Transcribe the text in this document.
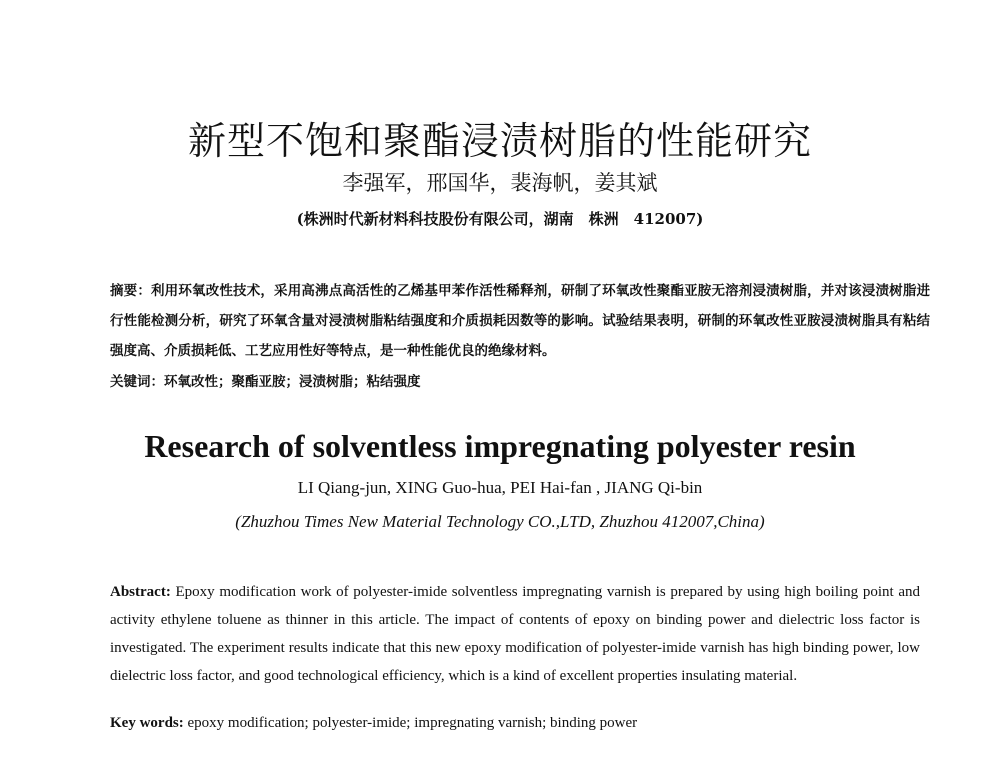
新型不饱和聚酯浸渍树脂的性能研究
李强军，邢国华，裴海帆，姜其斌
(株洲时代新材料科技股份有限公司，湖南　株洲　412007)
摘要：利用环氧改性技术，采用高沸点高活性的乙烯基甲苯作活性稀释剂，研制了环氧改性聚酯亚胺无溶剂浸渍树脂，并对该浸渍树脂进行性能检测分析，研究了环氧含量对浸渍树脂粘结强度和介质损耗因数等的影响。试验结果表明，研制的环氧改性亚胺浸渍树脂具有粘结强度高、介质损耗低、工艺应用性好等特点，是一种性能优良的绝缘材料。
关键词：环氧改性；聚酯亚胺；浸渍树脂；粘结强度
Research of solventless impregnating polyester resin
LI Qiang-jun, XING Guo-hua, PEI Hai-fan , JIANG Qi-bin
(Zhuzhou Times New Material Technology CO.,LTD, Zhuzhou 412007,China)
Abstract: Epoxy modification work of polyester-imide solventless impregnating varnish is prepared by using high boiling point and activity ethylene toluene as thinner in this article. The impact of contents of epoxy on binding power and dielectric loss factor is investigated. The experiment results indicate that this new epoxy modification of polyester-imide varnish has high binding power, low dielectric loss factor, and good technological efficiency, which is a kind of excellent properties insulating material.
Key words: epoxy modification; polyester-imide; impregnating varnish; binding power
